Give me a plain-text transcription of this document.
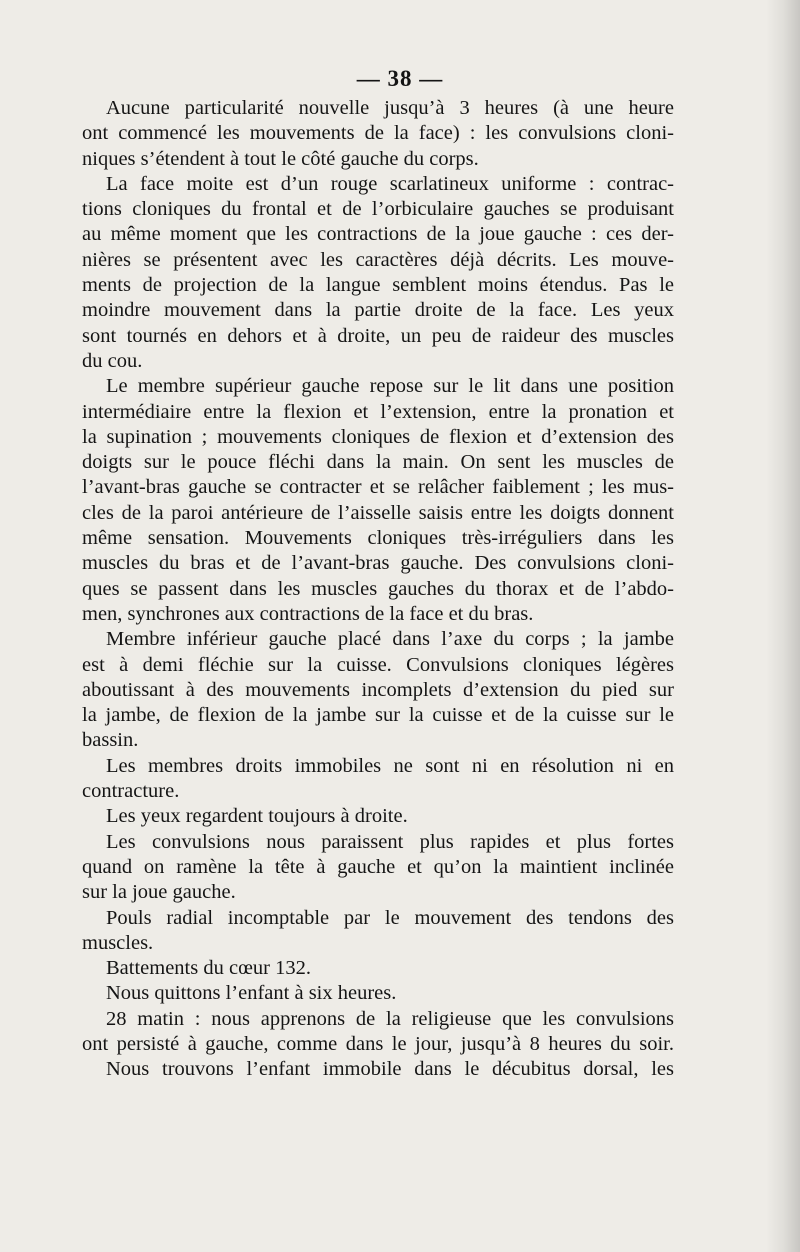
— 38 —
Aucune particularité nouvelle jusqu’à 3 heures (à une heure
ont commencé les mouvements de la face) : les convulsions cloni-
niques s’étendent à tout le côté gauche du corps.
La face moite est d’un rouge scarlatineux uniforme : contrac-
tions cloniques du frontal et de l’orbiculaire gauches se produisant
au même moment que les contractions de la joue gauche : ces der-
nières se présentent avec les caractères déjà décrits. Les mouve-
ments de projection de la langue semblent moins étendus. Pas le
moindre mouvement dans la partie droite de la face. Les yeux
sont tournés en dehors et à droite, un peu de raideur des muscles
du cou.
Le membre supérieur gauche repose sur le lit dans une position
intermédiaire entre la flexion et l’extension, entre la pronation et
la supination ; mouvements cloniques de flexion et d’extension des
doigts sur le pouce fléchi dans la main. On sent les muscles de
l’avant-bras gauche se contracter et se relâcher faiblement ; les mus-
cles de la paroi antérieure de l’aisselle saisis entre les doigts donnent
même sensation. Mouvements cloniques très-irréguliers dans les
muscles du bras et de l’avant-bras gauche. Des convulsions cloni-
ques se passent dans les muscles gauches du thorax et de l’abdo-
men, synchrones aux contractions de la face et du bras.
Membre inférieur gauche placé dans l’axe du corps ; la jambe
est à demi fléchie sur la cuisse. Convulsions cloniques légères
aboutissant à des mouvements incomplets d’extension du pied sur
la jambe, de flexion de la jambe sur la cuisse et de la cuisse sur le
bassin.
Les membres droits immobiles ne sont ni en résolution ni en
contracture.
Les yeux regardent toujours à droite.
Les convulsions nous paraissent plus rapides et plus fortes
quand on ramène la tête à gauche et qu’on la maintient inclinée
sur la joue gauche.
Pouls radial incomptable par le mouvement des tendons des
muscles.
Battements du cœur 132.
Nous quittons l’enfant à six heures.
28 matin : nous apprenons de la religieuse que les convulsions
ont persisté à gauche, comme dans le jour, jusqu’à 8 heures du soir.
Nous trouvons l’enfant immobile dans le décubitus dorsal, les
